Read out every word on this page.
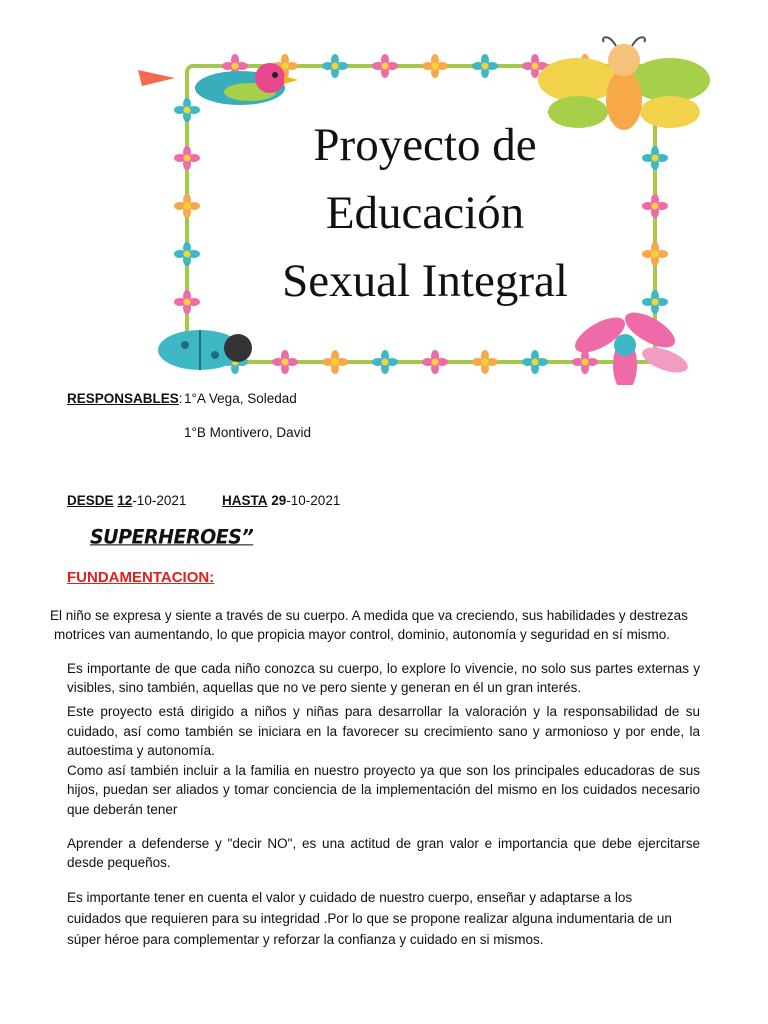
Proyecto de
Educación
Sexual Integral
RESPONSABLES: 1°A Vega, Soledad
1°B Montivero, David
DESDE 12-10-2021	HASTA 29-10-2021
SUPERHEROES”
FUNDAMENTACION:
El niño se expresa y siente a través de su cuerpo. A medida que va creciendo, sus habilidades y destrezas
motrices van aumentando, lo que propicia mayor control, dominio, autonomía y seguridad en sí mismo.
Es importante de que cada niño conozca su cuerpo, lo explore lo vivencie, no solo sus partes externas y
visibles, sino también, aquellas que no ve pero siente y generan en él un gran interés.
Este proyecto está dirigido a niños y niñas para desarrollar la valoración y la responsabilidad de su
cuidado, así como también se iniciara en la favorecer su crecimiento sano y armonioso y por ende, la
autoestima y autonomía.
Como así también incluir a la familia en nuestro proyecto ya que son los principales educadoras de sus
hijos, puedan ser aliados y tomar conciencia de la implementación del mismo en los cuidados necesario
que deberán tener
Aprender a defenderse y "decir NO", es una actitud de gran valor e importancia que debe ejercitarse
desde pequeños.
Es importante tener en cuenta el valor y cuidado de nuestro cuerpo, enseñar y adaptarse a los
cuidados que requieren para su integridad .Por lo que se propone realizar alguna indumentaria de un
súper héroe para complementar y reforzar la confianza y cuidado en si mismos.
